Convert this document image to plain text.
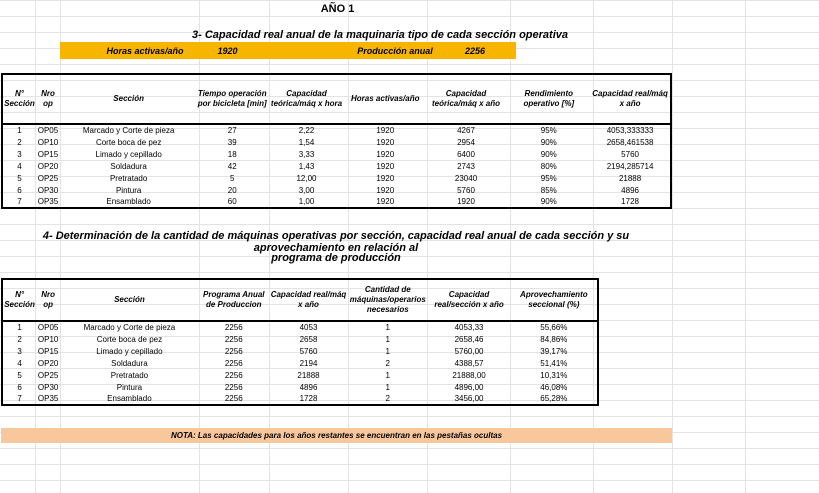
AÑO 1
3- Capacidad real anual de la maquinaria tipo de cada sección operativa
Horas activas/año	1920	Producción anual	2256
N° Sección	Nro op	Sección	Tiempo operación por bicicleta [min]	Capacidad teórica/máq x hora	Horas activas/año	Capacidad teórica/máq x año	Rendimiento operativo [%]	Capacidad real/máq x año
1	OP05	Marcado y Corte de pieza	27	2,22	1920	4267	95%	4053,333333
2	OP10	Corte boca de pez	39	1,54	1920	2954	90%	2658,461538
3	OP15	Limado y cepillado	18	3,33	1920	6400	90%	5760
4	OP20	Soldadura	42	1,43	1920	2743	80%	2194,285714
5	OP25	Pretratado	5	12,00	1920	23040	95%	21888
6	OP30	Pintura	20	3,00	1920	5760	85%	4896
7	OP35	Ensamblado	60	1,00	1920	1920	90%	1728
4- Determinación de la cantidad de máquinas operativas por sección, capacidad real anual de cada sección y su aprovechamiento en relación al
programa de producción
N° Sección	Nro op	Sección	Programa Anual de Produccion	Capacidad real/máq x año	Cantidad de máquinas/operarios necesarios	Capacidad real/sección x año	Aprovechamiento seccional (%)
1	OP05	Marcado y Corte de pieza	2256	4053	1	4053,33	55,66%
2	OP10	Corte boca de pez	2256	2658	1	2658,46	84,86%
3	OP15	Limado y cepillado	2256	5760	1	5760,00	39,17%
4	OP20	Soldadura	2256	2194	2	4388,57	51,41%
5	OP25	Pretratado	2256	21888	1	21888,00	10,31%
6	OP30	Pintura	2256	4896	1	4896,00	46,08%
7	OP35	Ensamblado	2256	1728	2	3456,00	65,28%
NOTA: Las capacidades para los años restantes se encuentran en las pestañas ocultas
